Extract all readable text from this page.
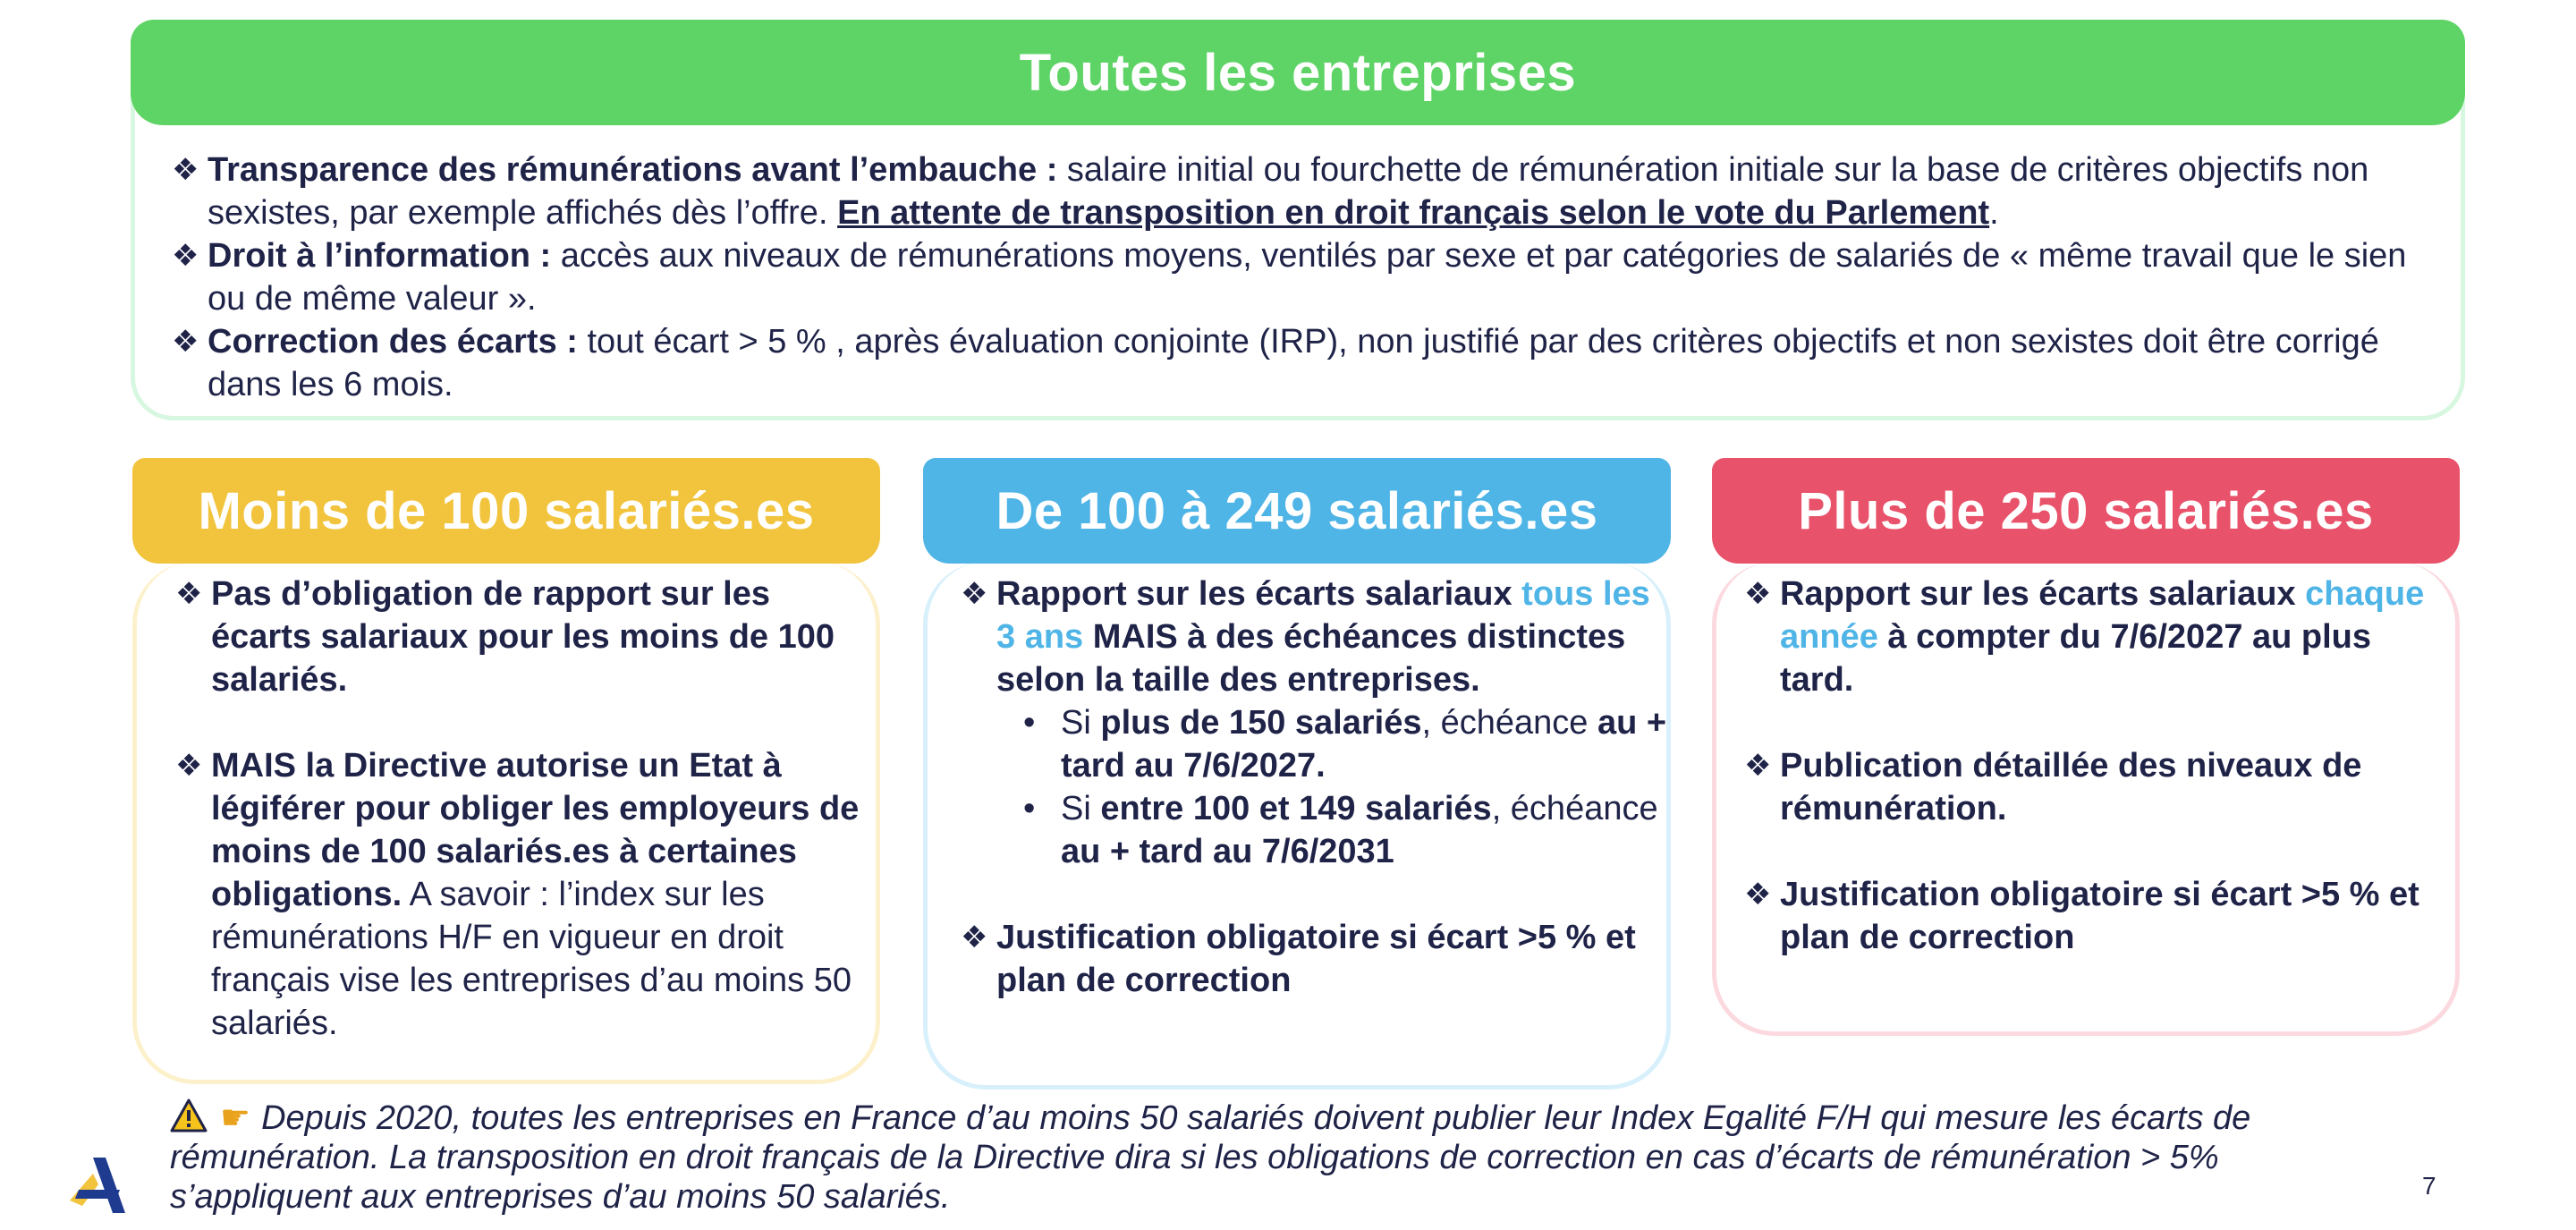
Toutes les entreprises
❖ Transparence des rémunérations avant l’embauche : salaire initial ou fourchette de rémunération initiale sur la base de critères objectifs non sexistes, par exemple affichés dès l’offre. En attente de transposition en droit français selon le vote du Parlement.
❖ Droit à l’information : accès aux niveaux de rémunérations moyens, ventilés par sexe et par catégories de salariés de « même travail que le sien ou de même valeur ».
❖ Correction des écarts : tout écart > 5 % , après évaluation conjointe (IRP), non justifié par des critères objectifs et non sexistes doit être corrigé dans les 6 mois.
Moins de 100 salariés.es
❖ Pas d’obligation de rapport sur les écarts salariaux pour les moins de 100 salariés.
❖ MAIS la Directive autorise un Etat à légiférer pour obliger les employeurs de moins de 100 salariés.es à certaines obligations. A savoir : l’index sur les rémunérations H/F en vigueur en droit français vise les entreprises d’au moins 50 salariés.
De 100 à 249 salariés.es
❖ Rapport sur les écarts salariaux tous les 3 ans MAIS à des échéances distinctes selon la taille des entreprises.
• Si plus de 150 salariés, échéance au + tard au 7/6/2027.
• Si entre 100 et 149 salariés, échéance au + tard au 7/6/2031
❖ Justification obligatoire si écart >5 % et plan de correction
Plus de 250 salariés.es
❖ Rapport sur les écarts salariaux chaque année à compter du 7/6/2027 au plus tard.
❖ Publication détaillée des niveaux de rémunération.
❖ Justification obligatoire si écart >5 % et plan de correction

☛ Depuis 2020, toutes les entreprises en France d’au moins 50 salariés doivent publier leur Index Egalité F/H qui mesure les écarts de rémunération. La transposition en droit français de la Directive dira si les obligations de correction en cas d’écarts de rémunération > 5% s’appliquent aux entreprises d’au moins 50 salariés.	7
